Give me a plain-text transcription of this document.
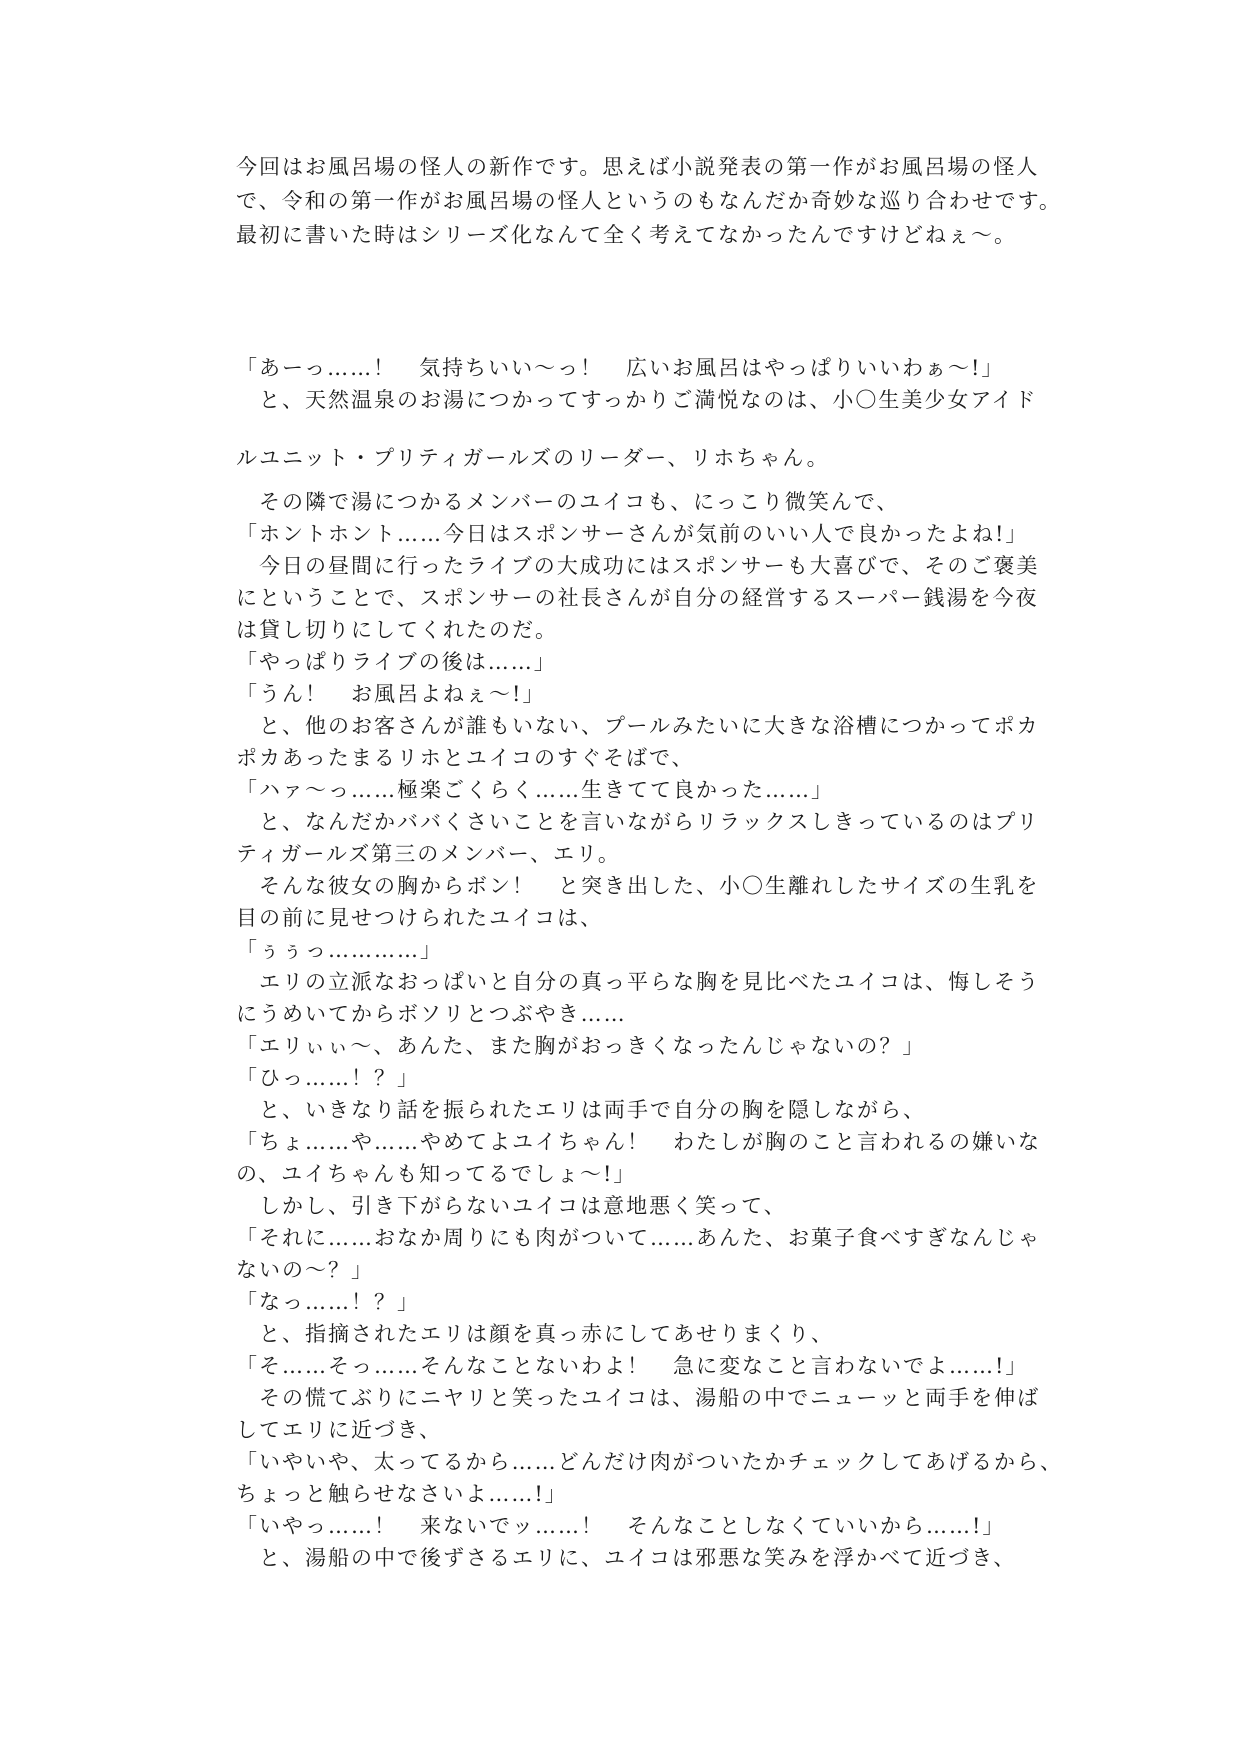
今回はお風呂場の怪人の新作です。思えば小説発表の第一作がお風呂場の怪人
で、令和の第一作がお風呂場の怪人というのもなんだか奇妙な巡り合わせです。
最初に書いた時はシリーズ化なんて全く考えてなかったんですけどねぇ～。
「あーっ……！　気持ちいい～っ！　広いお風呂はやっぱりいいわぁ～!」
　と、天然温泉のお湯につかってすっかりご満悦なのは、小〇生美少女アイド
ルユニット・プリティガールズのリーダー、リホちゃん。
　その隣で湯につかるメンバーのユイコも、にっこり微笑んで、
「ホントホント……今日はスポンサーさんが気前のいい人で良かったよね!」
　今日の昼間に行ったライブの大成功にはスポンサーも大喜びで、そのご褒美
にということで、スポンサーの社長さんが自分の経営するスーパー銭湯を今夜
は貸し切りにしてくれたのだ。
「やっぱりライブの後は……」
「うん！　お風呂よねぇ～!」
　と、他のお客さんが誰もいない、プールみたいに大きな浴槽につかってポカ
ポカあったまるリホとユイコのすぐそばで、
「ハァ～っ……極楽ごくらく……生きてて良かった……」
　と、なんだかババくさいことを言いながらリラックスしきっているのはプリ
ティガールズ第三のメンバー、エリ。
　そんな彼女の胸からボン！　と突き出した、小〇生離れしたサイズの生乳を
目の前に見せつけられたユイコは、
「ぅぅっ…………」
　エリの立派なおっぱいと自分の真っ平らな胸を見比べたユイコは、悔しそう
にうめいてからボソリとつぶやき……
「エリぃぃ～、あんた、また胸がおっきくなったんじゃないの？」
「ひっ……！？」
　と、いきなり話を振られたエリは両手で自分の胸を隠しながら、
「ちょ……や……やめてよユイちゃん！　わたしが胸のこと言われるの嫌いな
の、ユイちゃんも知ってるでしょ～!」
　しかし、引き下がらないユイコは意地悪く笑って、
「それに……おなか周りにも肉がついて……あんた、お菓子食べすぎなんじゃ
ないの～？」
「なっ……！？」
　と、指摘されたエリは顔を真っ赤にしてあせりまくり、
「そ……そっ……そんなことないわよ！　急に変なこと言わないでよ……!」
　その慌てぶりにニヤリと笑ったユイコは、湯船の中でニューッと両手を伸ば
してエリに近づき、
「いやいや、太ってるから……どんだけ肉がついたかチェックしてあげるから、
ちょっと触らせなさいよ……!」
「いやっ……！　来ないでッ……！　そんなことしなくていいから……!」
　と、湯船の中で後ずさるエリに、ユイコは邪悪な笑みを浮かべて近づき、
